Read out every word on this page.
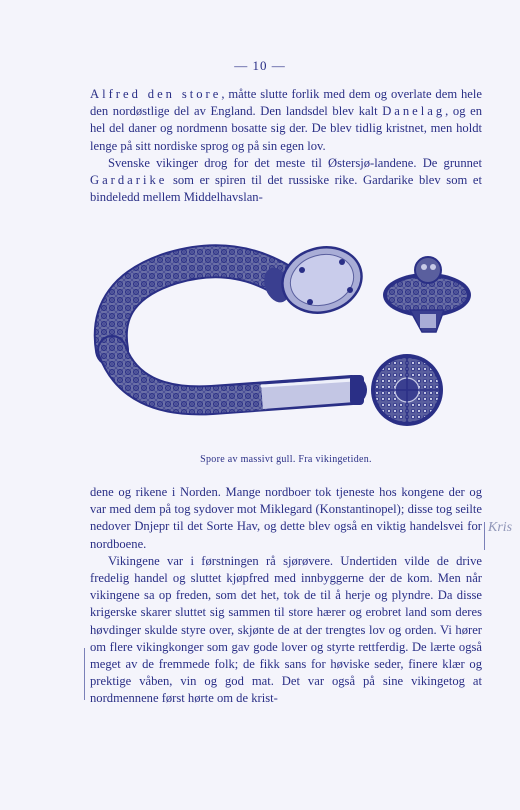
— 10 —

Alfred den store, måtte slutte forlik med dem og overlate dem hele den nordøstlige del av England. Den landsdel blev kalt Danelag, og en hel del daner og nordmenn bosatte sig der. De blev tidlig kristnet, men holdt lenge på sitt nordiske sprog og på sin egen lov.

Svenske vikinger drog for det meste til Østersjø-landene. De grunnet Gardarike som er spiren til det russiske rike. Gardarike blev som et bindeledd mellem Middelhavslan-

Spore av massivt gull. Fra vikingetiden.

dene og rikene i Norden. Mange nordboer tok tjeneste hos kongene der og var med dem på tog sydover mot Miklegard (Konstantinopel); disse tog seilte nedover Dnjepr til det Sorte Hav, og dette blev også en viktig handelsvei for nordboene.

Vikingene var i førstningen rå sjørøvere. Undertiden vilde de drive fredelig handel og sluttet kjøpfred med innbyggerne der de kom. Men når vikingene sa op freden, som det het, tok de til å herje og plyndre. Da disse krigerske skarer sluttet sig sammen til store hærer og erobret land som deres høvdinger skulde styre over, skjønte de at der trengtes lov og orden. Vi hører om flere vikingkonger som gav gode lover og styrte rettferdig. De lærte også meget av de fremmede folk; de fikk sans for høviske seder, finere klær og prektige våben, vin og god mat. Det var også på sine vikingetog at nordmennene først hørte om de krist-

Kris
